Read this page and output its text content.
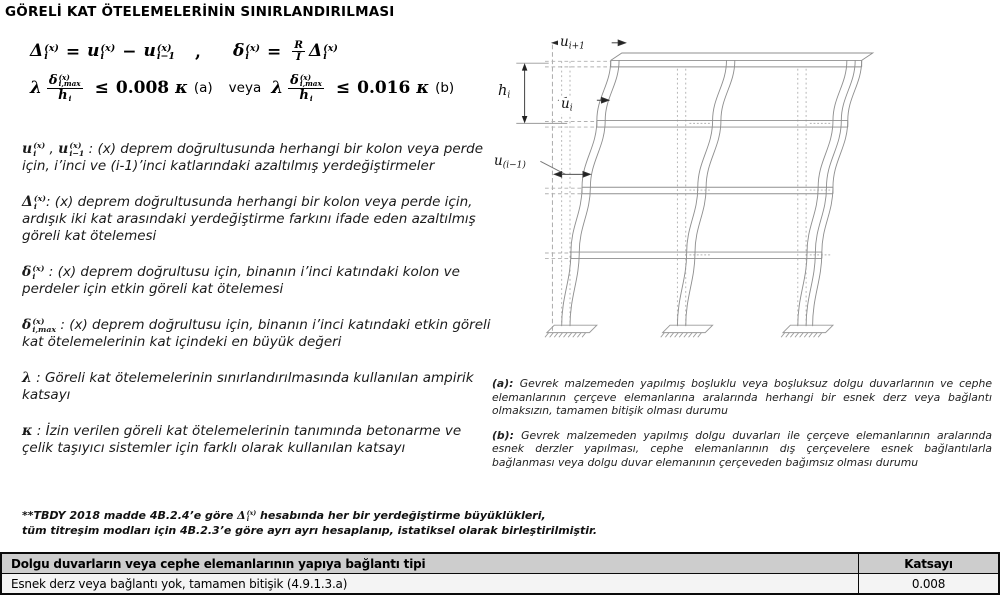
GÖRELİ KAT ÖTELEMELERİNİN SINIRLANDIRILMASI
Δ (x)
i	= u (x)
i	− u (x)
i−1 , δ (x)
i	= $\frac{R}{I}$ Δ (x)
i
λ δ (x)
i,max
h
i ≤ 0.008 κ (a) veya λ δ (x)
i,max
h
i ≤ 0.016 κ (b)

u (x)
i , u (x)
i−1 : (x) deprem doğrultusunda herhangi bir kolon veya perde için, i’inci ve (i-1)’inci katlarındaki azaltılmış yerdeğiştirmeler

Δ (x)
i : (x) deprem doğrultusunda herhangi bir kolon veya perde için, ardışık iki kat arasındaki yerdeğiştirme farkını ifade eden azaltılmış göreli kat ötelemesi

δ (x)
i : (x) deprem doğrultusu için, binanın i’inci katındaki kolon ve perdeler için etkin göreli kat ötelemesi

δ (x)
i,max : (x) deprem doğrultusu için, binanın i’inci katındaki etkin göreli kat ötelemelerinin kat içindeki en büyük değeri

λ : Göreli kat ötelemelerinin sınırlandırılmasında kullanılan ampirik katsayı

κ : İzin verilen göreli kat ötelemelerinin tanımında betonarme ve çelik taşıyıcı sistemler için farklı olarak kullanılan katsayı

**TBDY 2018 madde 4B.2.4’e göre Δ (x)
i hesabında her bir yerdeğiştirme büyüklükleri,
tüm titreşim modları için 4B.2.3’e göre ayrı ayrı hesaplanıp, istatiksel olarak birleştirilmiştir.
$u_{i+1}$
$h_i$
$u_i$
$u_{(i-1)}$

(a): Gevrek malzemeden yapılmış boşluklu veya boşluksuz dolgu duvarlarının ve cephe elemanlarının çerçeve elemanlarına aralarında herhangi bir esnek derz veya bağlantı olmaksızın, tamamen bitişik olması durumu

(b): Gevrek malzemeden yapılmış dolgu duvarları ile çerçeve elemanlarının aralarında esnek derzler yapılması, cephe elemanlarının dış çerçevelere esnek bağlantılarla bağlanması veya dolgu duvar elemanının çerçeveden bağımsız olması durumu

Dolgu duvarların veya cephe elemanlarının yapıya bağlantı tipi	Katsayı
Esnek derz veya bağlantı yok, tamamen bitişik (4.9.1.3.a)	0.008
